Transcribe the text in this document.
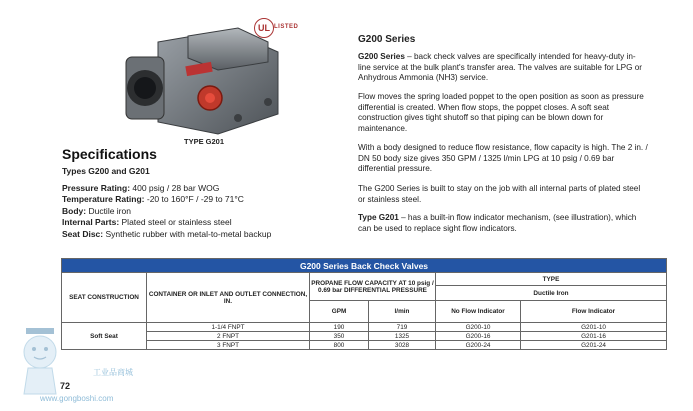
UL LISTED
TYPE G201
Specifications
Types G200 and G201
Pressure Rating: 400 psig / 28 bar WOG
Temperature Rating: -20 to 160°F / -29 to 71°C
Body: Ductile iron
Internal Parts: Plated steel or stainless steel
Seat Disc: Synthetic rubber with metal-to-metal backup
G200 Series
G200 Series – back check valves are specifically intended for heavy-duty in-line service at the bulk plant's transfer area. The valves are suitable for LPG or Anhydrous Ammonia (NH3) service.
Flow moves the spring loaded poppet to the open position as soon as pressure differential is created. When flow stops, the poppet closes. A soft seat construction gives tight shutoff so that piping can be blown down for maintenance.
With a body designed to reduce flow resistance, flow capacity is high. The 2 in. / DN 50 body size gives 350 GPM / 1325 l/min LPG at 10 psig / 0.69 bar differential pressure.
The G200 Series is built to stay on the job with all internal parts of plated steel or stainless steel.
Type G201 – has a built-in flow indicator mechanism, (see illustration), which can be used to replace sight flow indicators.
G200 Series Back Check Valves					
SEAT CONSTRUCTION	CONTAINER OR INLET AND OUTLET CONNECTION, IN.	PROPANE FLOW CAPACITY AT 10 psig / 0.69 bar DIFFERENTIAL PRESSURE		TYPE	
				Ductile Iron	
		GPM	l/min	No Flow Indicator	Flow Indicator
Soft Seat	1-1/4 FNPT	190	719	G200-10	G201-10
	2 FNPT	350	1325	G200-16	G201-16
	3 FNPT	800	3028	G200-24	G201-24
工业品商城
www.gongboshi.com
72
